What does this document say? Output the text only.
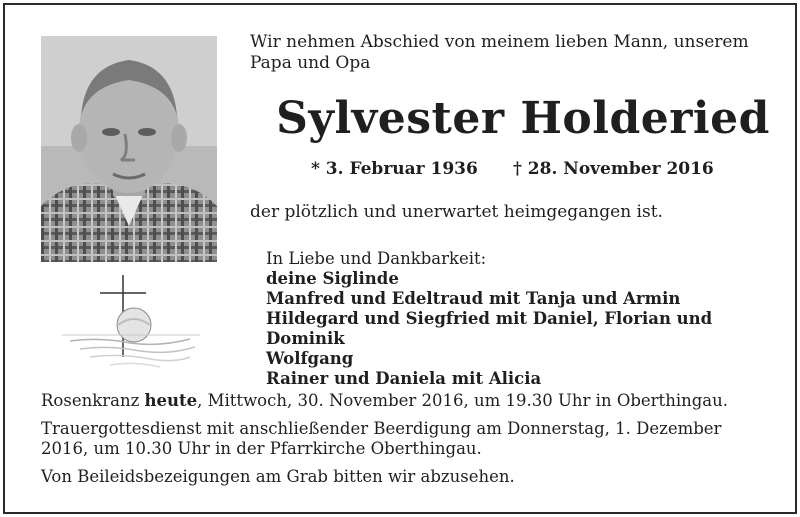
Wir nehmen Abschied von meinem lieben Mann, unserem Papa und Opa
Sylvester Holderied
* 3. Februar 1936 † 28. November 2016
der plötzlich und unerwartet heimgegangen ist.
In Liebe und Dankbarkeit:
deine Siglinde
Manfred und Edeltraud mit Tanja und Armin
Hildegard und Siegfried mit Daniel, Florian und Dominik
Wolfgang
Rainer und Daniela mit Alicia

Rosenkranz heute, Mittwoch, 30. November 2016, um 19.30 Uhr in Oberthingau.

Trauergottesdienst mit anschließender Beerdigung am Donnerstag, 1. Dezember 2016, um 10.30 Uhr in der Pfarrkirche Oberthingau.

Von Beileidsbezeigungen am Grab bitten wir abzusehen.
